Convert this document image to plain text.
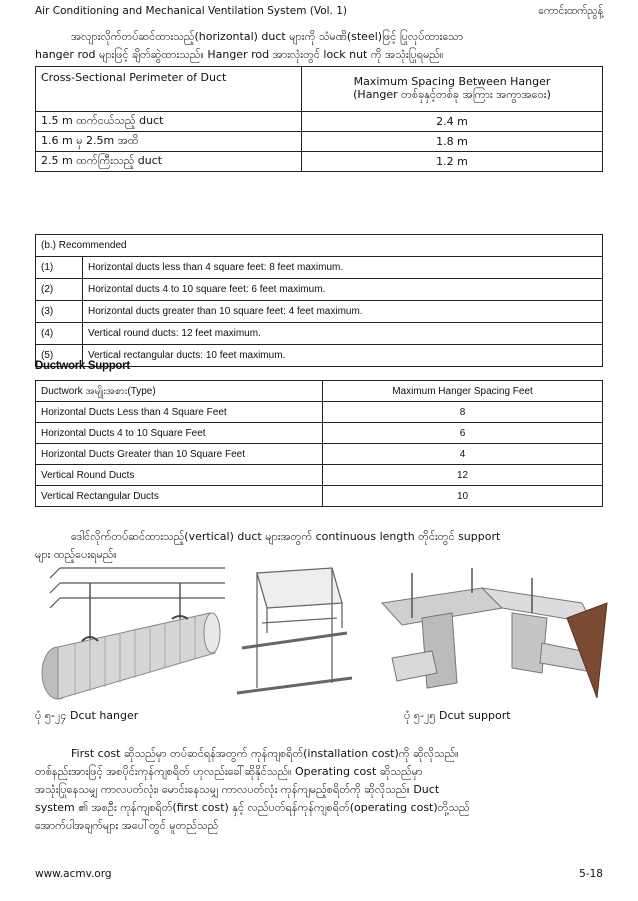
Air Conditioning and Mechanical Ventilation System (Vol. 1)	ကောင်းထက်ညွန့်
အလျားလိုက်တပ်ဆင်ထားသည့်(horizontal) duct များကို သံမဏိ(steel)ဖြင့် ပြုလုပ်ထားသော
hanger rod များဖြင့် ချိတ်ဆွဲထားသည်။ Hanger rod အားလုံးတွင် lock nut ကို အသုံးပြုရမည်။
Cross-Sectional Perimeter of Duct	Maximum Spacing Between Hanger
(Hanger တစ်ခုနှင့်တစ်ခု အကြား အကွာအဝေး)

1.5 m ထက်ငယ်သည့် duct	2.4 m
1.6 m မှ 2.5m အထိ	1.8 m
2.5 m ထက်ကြီးသည့် duct	1.2 m
(b.) Recommended	
(1)	Horizontal ducts less than 4 square feet: 8 feet maximum.
(2)	Horizontal ducts 4 to 10 square feet: 6 feet maximum.
(3)	Horizontal ducts greater than 10 square feet: 4 feet maximum.
(4)	Vertical round ducts: 12 feet maximum.
(5)	Vertical rectangular ducts: 10 feet maximum.
Ductwork Support
Ductwork အမျိုးအစား(Type)	Maximum Hanger Spacing Feet
Horizontal Ducts Less than 4 Square Feet	8
Horizontal Ducts 4 to 10 Square Feet	6
Horizontal Ducts Greater than 10 Square Feet	4
Vertical Round Ducts	12
Vertical Rectangular Ducts	10
ဒေါင်လိုက်တပ်ဆင်ထားသည့်(vertical) duct များအတွက် continuous length တိုင်းတွင် support
များ ထည့်ပေးရမည်။
ပုံ ၅-၂၄ Dcut hanger	ပုံ ၅-၂၅ Dcut support
First cost ဆိုသည်မှာ တပ်ဆင်ရန်အတွက် ကုန်ကျစရိတ်(installation cost)ကို ဆိုလိုသည်။
တစ်နည်းအားဖြင့် အစပိုင်းကုန်ကျစရိတ် ဟုလည်းခေါ်ဆိုနိုင်သည်။ Operating cost ဆိုသည်မှာ
အသုံးပြုနေသမျှ ကာလပတ်လုံး၊ မောင်းနေသမျှ ကာလပတ်လုံး ကုန်ကျမည့်စရိတ်ကို ဆိုလိုသည်။ Duct
system ၏ အစဦး ကုန်ကျစရိတ်(first cost) နှင့် လည်ပတ်ရန်ကုန်ကျစရိတ်(operating cost)တို့သည်
အောက်ပါအချက်များ အပေါ်တွင် မူတည်သည်
www.acmv.org	5-18
